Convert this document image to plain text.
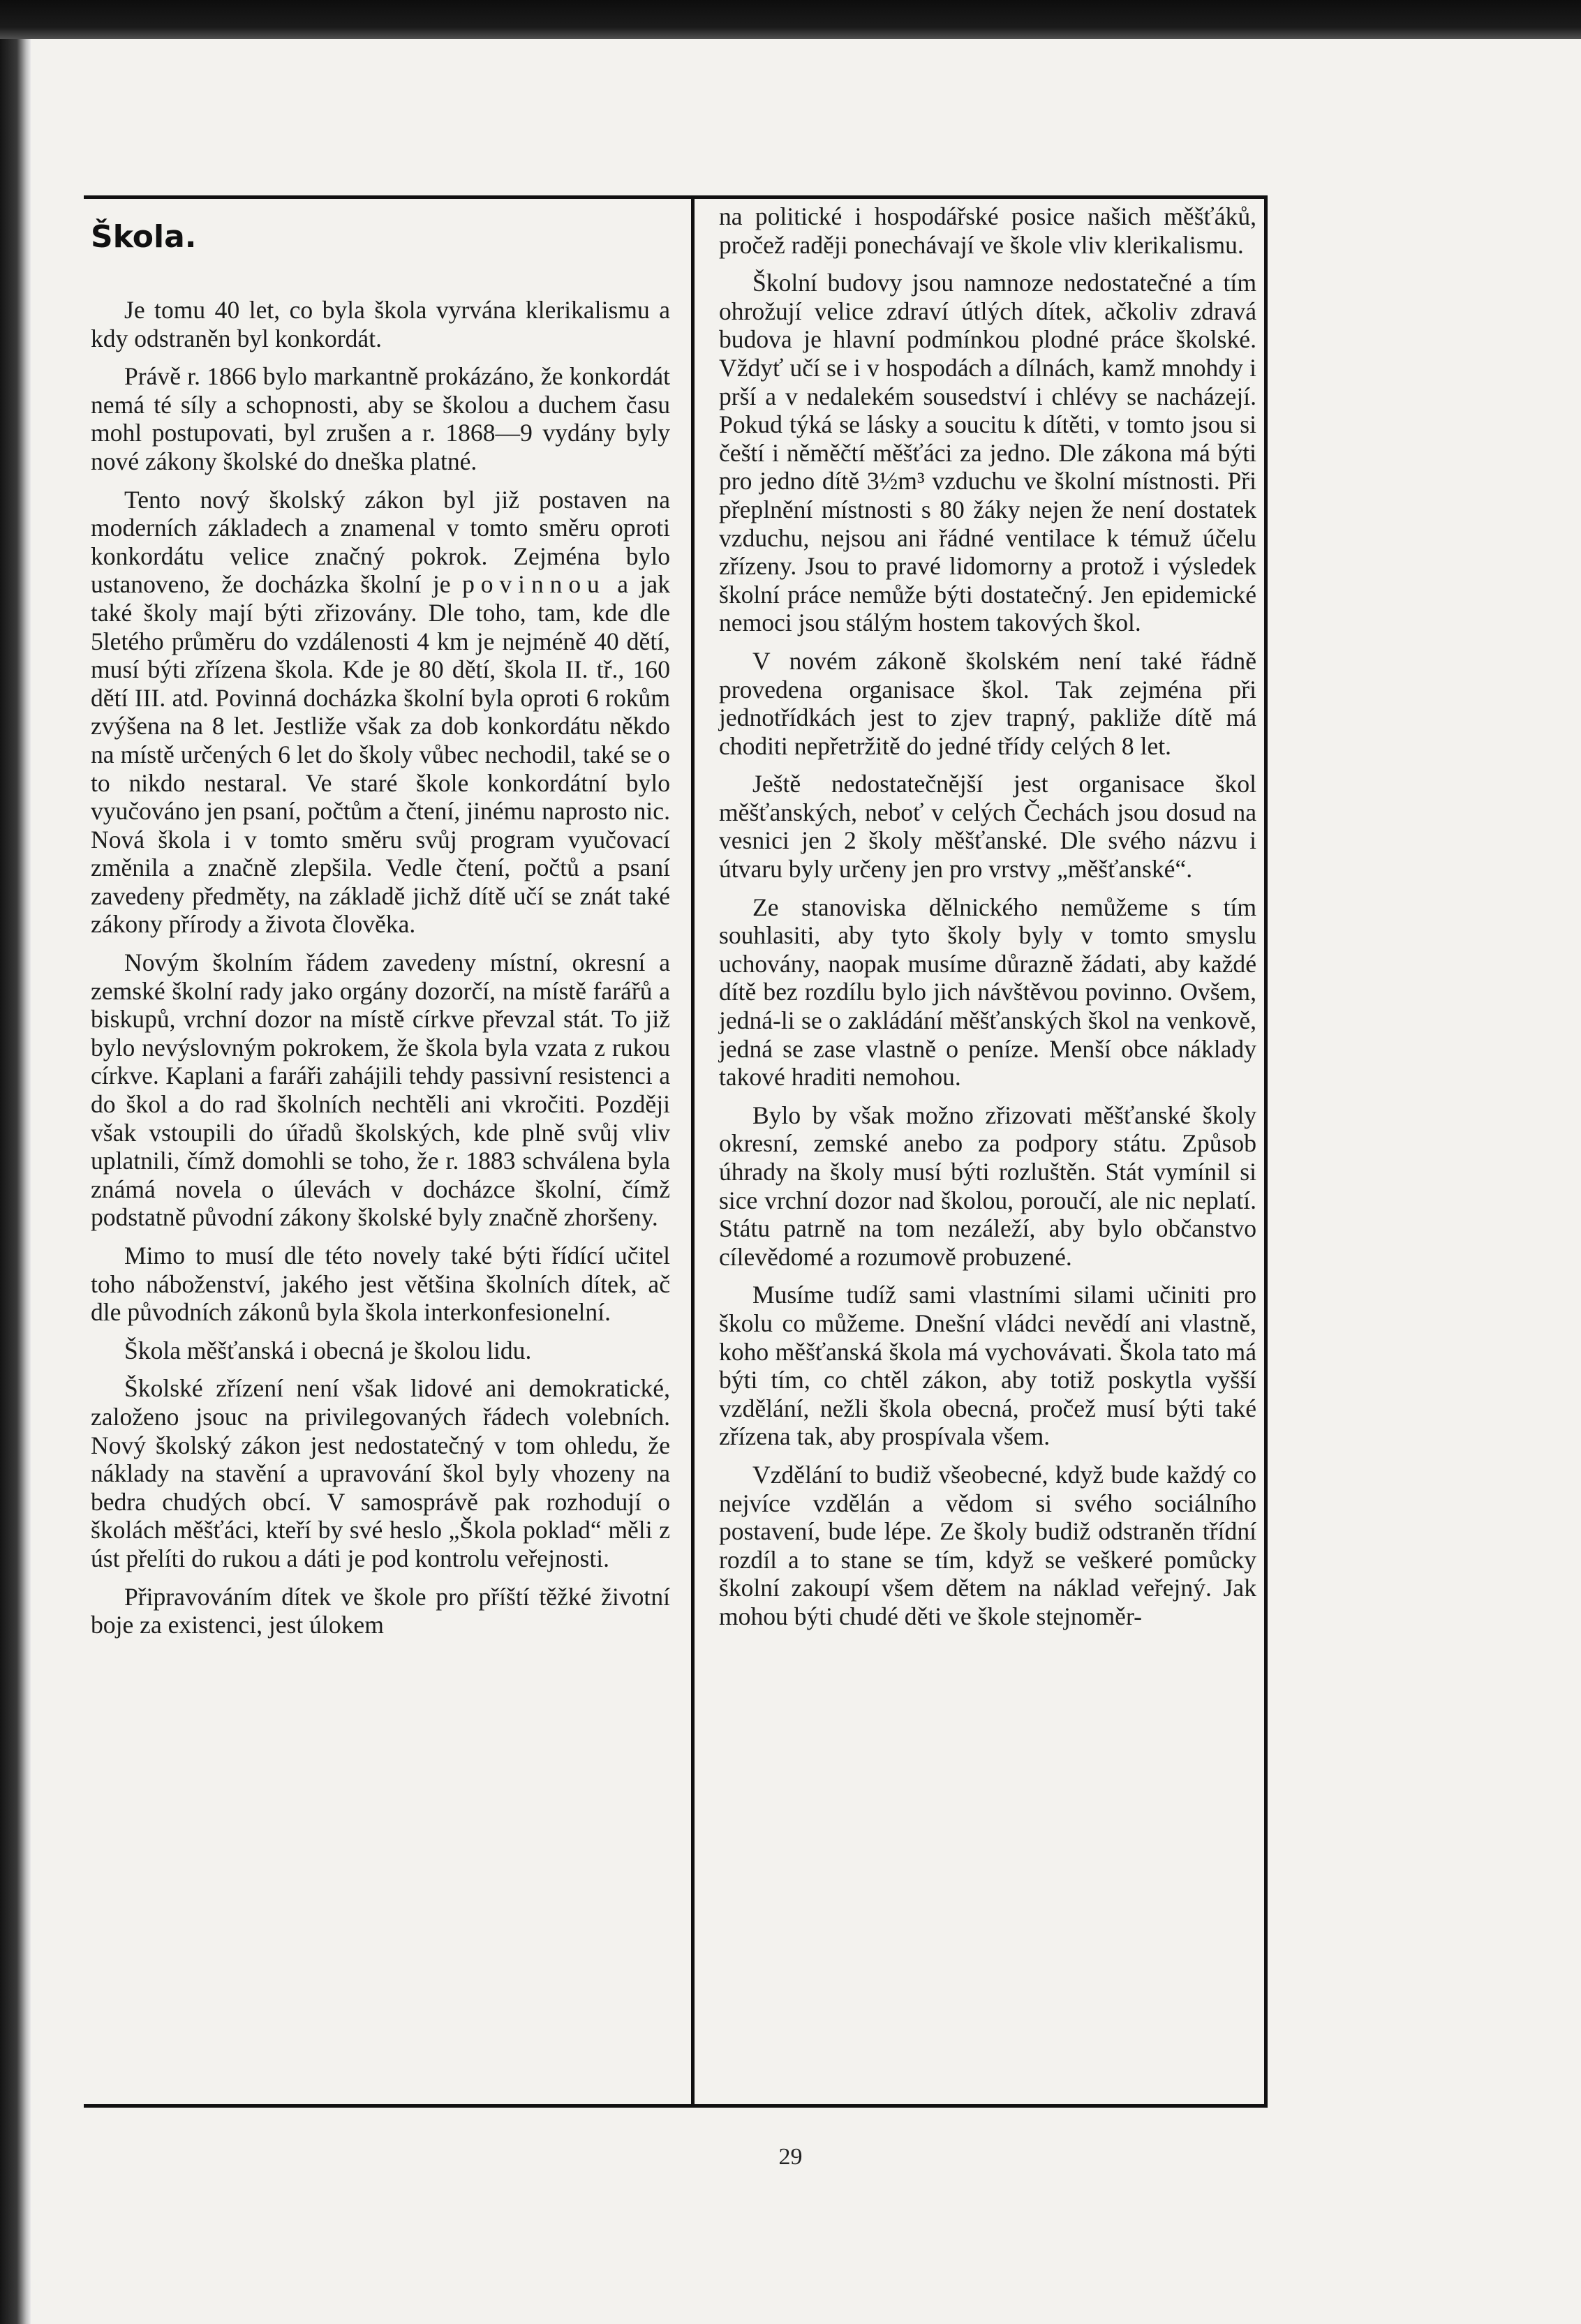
Škola.

Je tomu 40 let, co byla škola vyrvána klerikalismu a kdy odstraněn byl konkordát.

Právě r. 1866 bylo markantně prokázáno, že konkordát nemá té síly a schopnosti, aby se školou a duchem času mohl postupovati, byl zrušen a r. 1868—9 vydány byly nové zákony školské do dneška platné.

Tento nový školský zákon byl již postaven na moderních základech a znamenal v tomto směru oproti konkordátu velice značný pokrok. Zejména bylo ustanoveno, že docházka školní je povinnou a jak také školy mají býti zřizovány. Dle toho, tam, kde dle 5letého průměru do vzdálenosti 4 km je nejméně 40 dětí, musí býti zřízena škola. Kde je 80 dětí, škola II. tř., 160 dětí III. atd. Povinná docházka školní byla oproti 6 rokům zvýšena na 8 let. Jestliže však za dob konkordátu někdo na místě určených 6 let do školy vůbec nechodil, také se o to nikdo nestaral. Ve staré škole konkordátní bylo vyučováno jen psaní, počtům a čtení, jinému naprosto nic. Nová škola i v tomto směru svůj program vyučovací změnila a značně zlepšila. Vedle čtení, počtů a psaní zavedeny předměty, na základě jichž dítě učí se znát také zákony přírody a života člověka.

Novým školním řádem zavedeny místní, okresní a zemské školní rady jako orgány dozorčí, na místě farářů a biskupů, vrchní dozor na místě církve převzal stát. To již bylo nevýslovným pokrokem, že škola byla vzata z rukou církve. Kaplani a faráři zahájili tehdy passivní resistenci a do škol a do rad školních nechtěli ani vkročiti. Později však vstoupili do úřadů školských, kde plně svůj vliv uplatnili, čímž domohli se toho, že r. 1883 schválena byla známá novela o úlevách v docházce školní, čímž podstatně původní zákony školské byly značně zhoršeny.

Mimo to musí dle této novely také býti řídící učitel toho náboženství, jakého jest většina školních dítek, ač dle původních zákonů byla škola interkonfesionelní.

Škola měšťanská i obecná je školou lidu.

Školské zřízení není však lidové ani demokratické, založeno jsouc na privilegovaných řádech volebních. Nový školský zákon jest nedostatečný v tom ohledu, že náklady na stavění a upravování škol byly vhozeny na bedra chudých obcí. V samosprávě pak rozhodují o školách měšťáci, kteří by své heslo „Škola poklad“ měli z úst přelíti do rukou a dáti je pod kontrolu veřejnosti.

Připravováním dítek ve škole pro příští těžké životní boje za existenci, jest úlokem

na politické i hospodářské posice našich měšťáků, pročež raději ponechávají ve škole vliv klerikalismu.

Školní budovy jsou namnoze nedostatečné a tím ohrožují velice zdraví útlých dítek, ačkoliv zdravá budova je hlavní podmínkou plodné práce školské. Vždyť učí se i v hospodách a dílnách, kamž mnohdy i prší a v nedalekém sousedství i chlévy se nacházejí. Pokud týká se lásky a soucitu k dítěti, v tomto jsou si čeští i něměčtí měšťáci za jedno. Dle zákona má býti pro jedno dítě 3½m³ vzduchu ve školní místnosti. Při přeplnění místnosti s 80 žáky nejen že není dostatek vzduchu, nejsou ani řádné ventilace k témuž účelu zřízeny. Jsou to pravé lidomorny a protož i výsledek školní práce nemůže býti dostatečný. Jen epidemické nemoci jsou stálým hostem takových škol.

V novém zákoně školském není také řádně provedena organisace škol. Tak zejména při jednotřídkách jest to zjev trapný, pakliže dítě má choditi nepřetržitě do jedné třídy celých 8 let.

Ještě nedostatečnější jest organisace škol měšťanských, neboť v celých Čechách jsou dosud na vesnici jen 2 školy měšťanské. Dle svého názvu i útvaru byly určeny jen pro vrstvy „měšťanské“.

Ze stanoviska dělnického nemůžeme s tím souhlasiti, aby tyto školy byly v tomto smyslu uchovány, naopak musíme důrazně žádati, aby každé dítě bez rozdílu bylo jich návštěvou povinno. Ovšem, jedná-li se o zakládání měšťanských škol na venkově, jedná se zase vlastně o peníze. Menší obce náklady takové hraditi nemohou.

Bylo by však možno zřizovati měšťanské školy okresní, zemské anebo za podpory státu. Způsob úhrady na školy musí býti rozluštěn. Stát vymínil si sice vrchní dozor nad školou, poroučí, ale nic neplatí. Státu patrně na tom nezáleží, aby bylo občanstvo cílevědomé a rozumově probuzené.

Musíme tudíž sami vlastními silami učiniti pro školu co můžeme. Dnešní vládci nevědí ani vlastně, koho měšťanská škola má vychovávati. Škola tato má býti tím, co chtěl zákon, aby totiž poskytla vyšší vzdělání, nežli škola obecná, pročež musí býti také zřízena tak, aby prospívala všem.

Vzdělání to budiž všeobecné, když bude každý co nejvíce vzdělán a vědom si svého sociálního postavení, bude lépe. Ze školy budiž odstraněn třídní rozdíl a to stane se tím, když se veškeré pomůcky školní zakoupí všem dětem na náklad veřejný. Jak mohou býti chudé děti ve škole stejnoměr-

29
